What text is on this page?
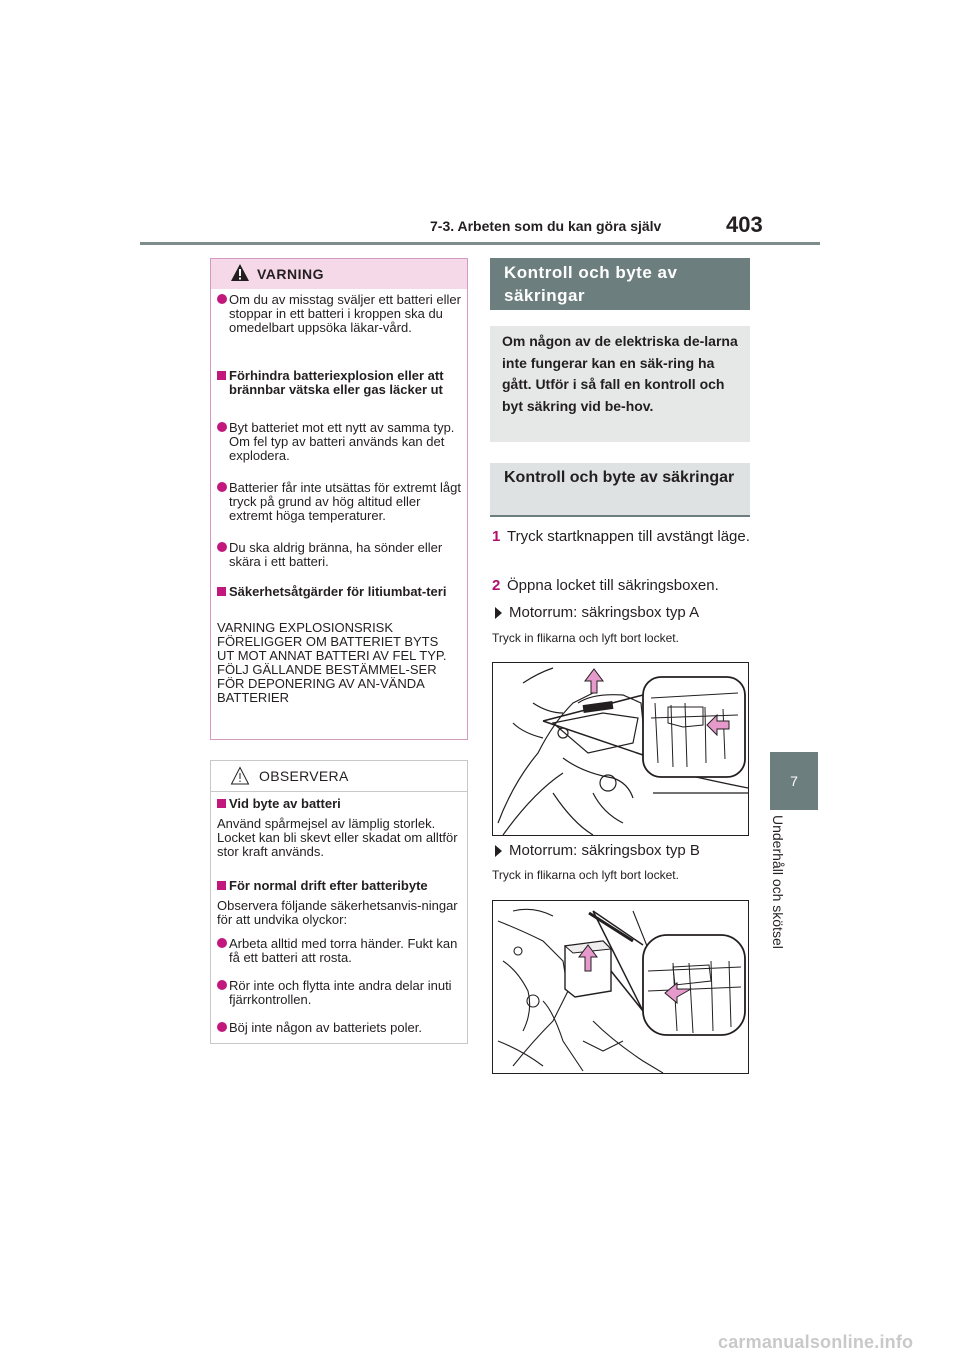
7-3. Arbeten som du kan göra själv	403
7
Underhåll och skötsel
VARNING
Om du av misstag sväljer ett batteri eller stoppar in ett batteri i kroppen ska du omedelbart uppsöka läkar-vård.
Förhindra batteriexplosion eller att brännbar vätska eller gas läcker ut
Byt batteriet mot ett nytt av samma typ. Om fel typ av batteri används kan det explodera.
Batterier får inte utsättas för extremt lågt tryck på grund av hög altitud eller extremt höga temperaturer.
Du ska aldrig bränna, ha sönder eller skära i ett batteri.
Säkerhetsåtgärder för litiumbat-teri
VARNING EXPLOSIONSRISK FÖRELIGGER OM BATTERIET BYTS UT MOT ANNAT BATTERI AV FEL TYP. FÖLJ GÄLLANDE BESTÄMMEL-SER FÖR DEPONERING AV AN-VÄNDA BATTERIER
OBSERVERA
Vid byte av batteri
Använd spårmejsel av lämplig storlek. Locket kan bli skevt eller skadat om alltför stor kraft används.
För normal drift efter batteribyte
Observera följande säkerhetsanvis-ningar för att undvika olyckor:
Arbeta alltid med torra händer. Fukt kan få ett batteri att rosta.
Rör inte och flytta inte andra delar inuti fjärrkontrollen.
Böj inte någon av batteriets poler.
Kontroll och byte av säkringar
Om någon av de elektriska de-larna inte fungerar kan en säk-ring ha gått. Utför i så fall en kontroll och byt säkring vid be-hov.
Kontroll och byte av säkringar
1 Tryck startknappen till avstängt läge.
2 Öppna locket till säkringsboxen.
Motorrum: säkringsbox typ A
Tryck in flikarna och lyft bort locket.
Motorrum: säkringsbox typ B
Tryck in flikarna och lyft bort locket.
carmanualsonline.info
